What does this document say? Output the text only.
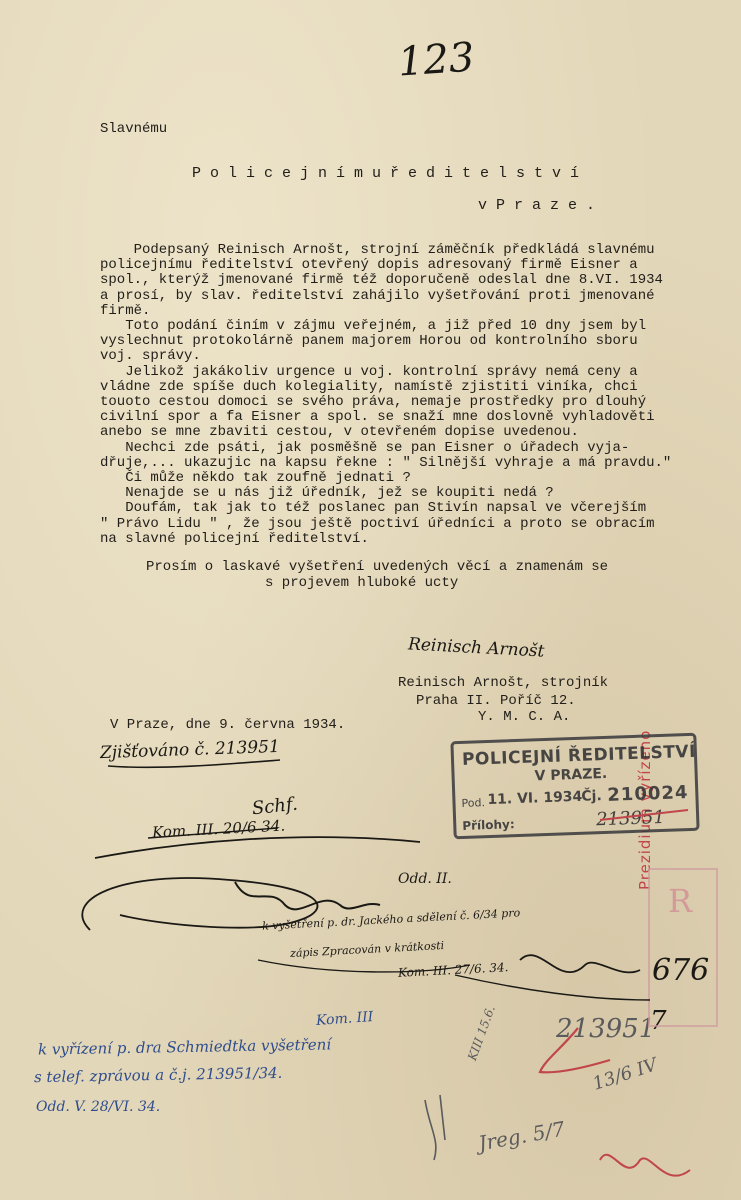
123
Slavnému
P o l i c e j n í m u ř e d i t e l s t v í
v P r a z e .
Podepsaný Reinisch Arnošt, strojní záměčník předkládá slavnému
policejnímu ředitelství otevřený dopis adresovaný firmě Eisner a
spol., kterýž jmenované firmě též doporučeně odeslal dne 8.VI. 1934
a prosí, by slav. ředitelství zahájilo vyšetřování proti jmenované
firmě.
Toto podání činím v zájmu veřejném, a již před 10 dny jsem byl
vyslechnut protokolárně panem majorem Horou od kontrolního sboru
voj. správy.
Jelikož jakákoliv urgence u voj. kontrolní správy nemá ceny a
vládne zde spíše duch kolegiality, namístě zjistiti viníka, chci
touoto cestou domoci se svého práva, nemaje prostředky pro dlouhý
civilní spor a fa Eisner a spol. se snaží mne doslovně vyhladověti
anebo se mne zbaviti cestou, v otevřeném dopise uvedenou.
Nechci zde psáti, jak posměšně se pan Eisner o úřadech vyja-
dřuje,... ukazujic na kapsu řekne : " Silnější vyhraje a má pravdu."
Či může někdo tak zoufně jednati ?
Nenajde se u nás již úředník, jež se koupiti nedá ?
Doufám, tak jak to též poslanec pan Stivín napsal ve včerejším
" Právo Lidu " , že jsou ještě poctiví úředníci a proto se obracím
na slavné policejní ředitelství.
Prosím o laskavé vyšetření uvedených věcí a znamenám se
s projevem hluboké ucty
Reinisch Arnošt
Reinisch Arnošt, strojník
Praha II. Poříč 12.
Y. M. C. A.
V Praze, dne 9. června 1934.
Zjišťováno č. 213951
Schf.
Kom. III. 20/6 34.
Odd. II.
k vyšetření p. dr. Jackého a sdělení č. 6/34 pro
zápis Zpracován v krátkosti
Kom. III. 27/6. 34.	676
7
Kom. III
k vyřízení p. dra Schmiedtka vyšetření
s telef. zprávou a č.j. 213951/34.
Odd. V. 28/VI. 34.
213951
13/6 IV
KIII 15.6.
Jreg. 5/7
Prezidium vyřízeno
R
POLICEJNÍ ŘEDITELSTVÍ
V PRAZE.
Pod. 11. VI. 1934
Čj. 210024
Přílohy:	213951
